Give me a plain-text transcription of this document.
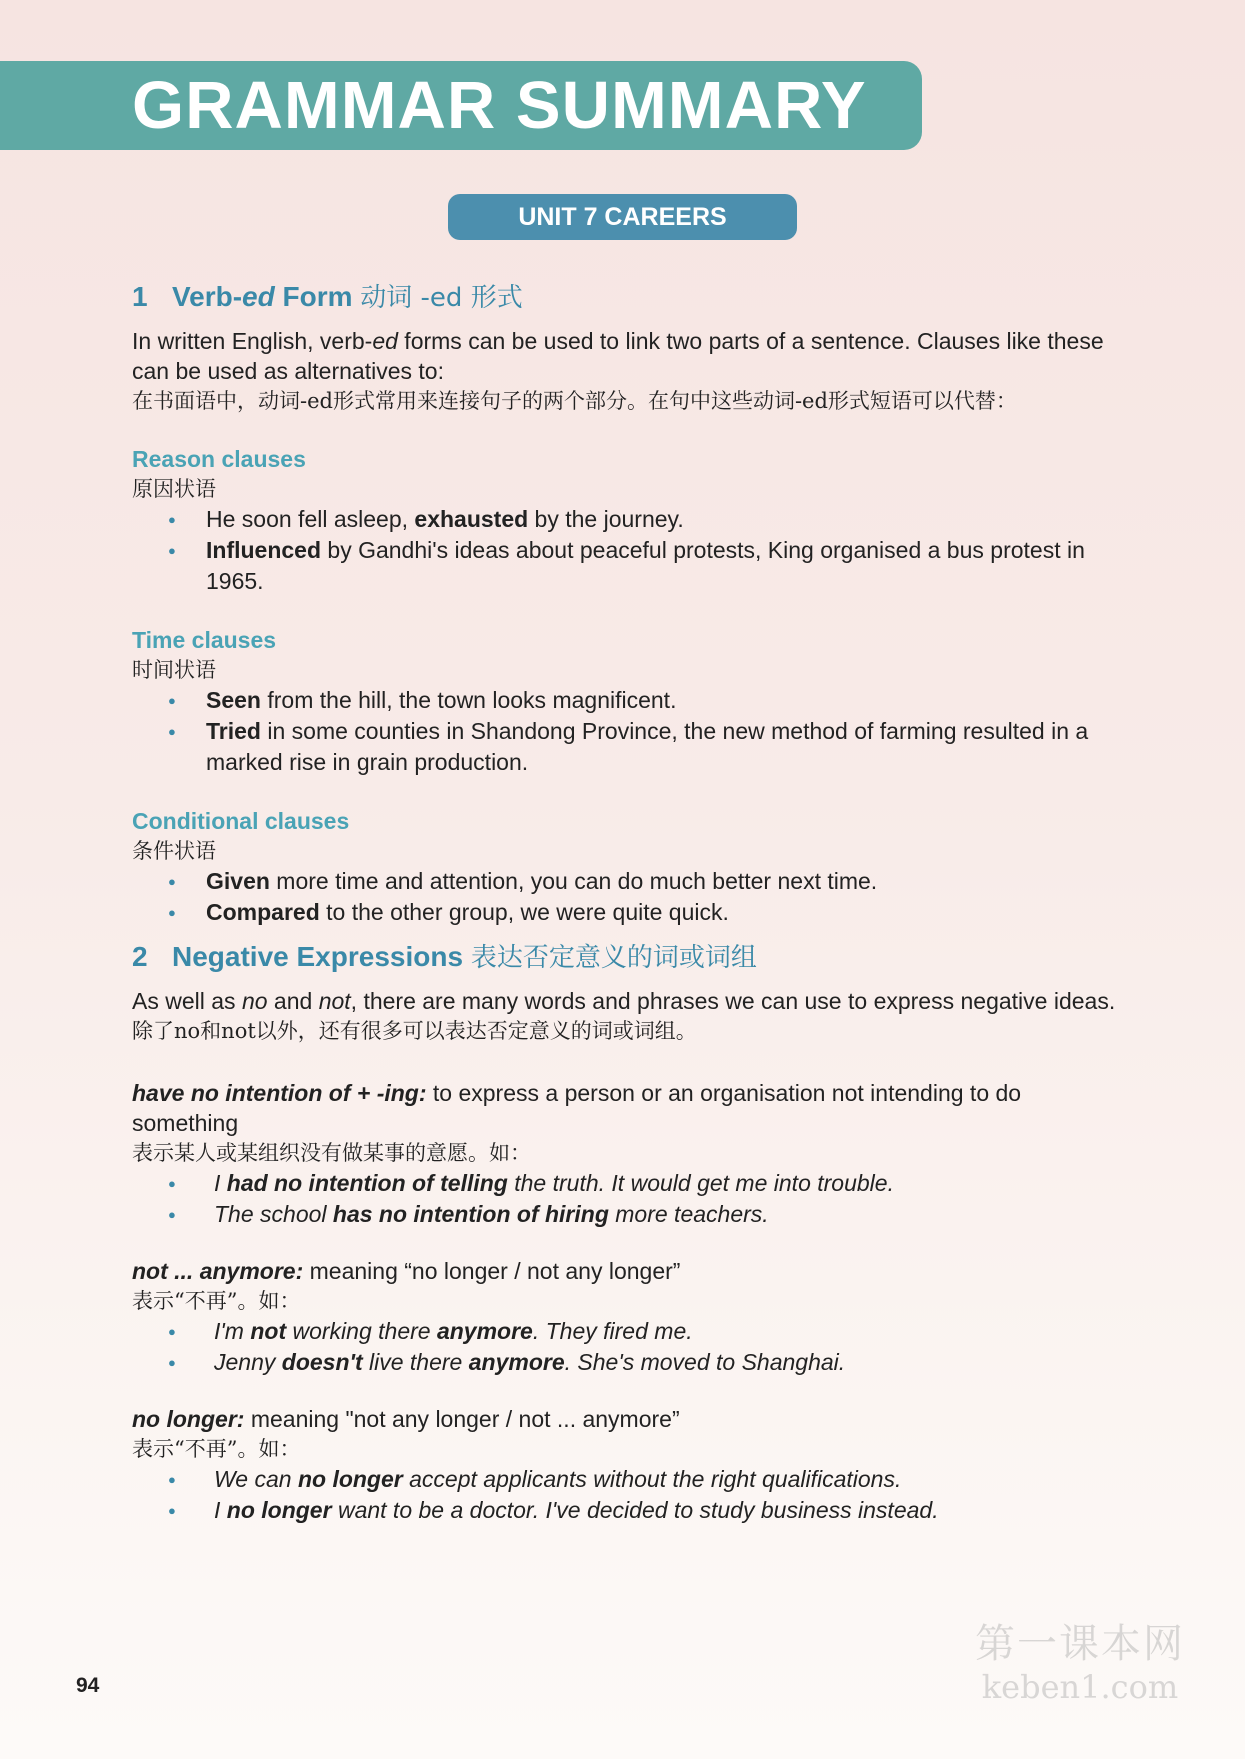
GRAMMAR SUMMARY
UNIT 7 CAREERS
1 Verb-ed Form 动词 -ed 形式

In written English, verb-ed forms can be used to link two parts of a sentence. Clauses like these can be used as alternatives to:

在书面语中，动词-ed形式常用来连接句子的两个部分。在句中这些动词-ed形式短语可以代替：
Reason clauses
原因状语
● He soon fell asleep, exhausted by the journey.
● Influenced by Gandhi's ideas about peaceful protests, King organised a bus protest in 1965.
Time clauses
时间状语
● Seen from the hill, the town looks magnificent.
● Tried in some counties in Shandong Province, the new method of farming resulted in a marked rise in grain production.
Conditional clauses
条件状语
● Given more time and attention, you can do much better next time.
● Compared to the other group, we were quite quick.
2 Negative Expressions 表达否定意义的词或词组

As well as no and not, there are many words and phrases we can use to express negative ideas.

除了no和not以外，还有很多可以表达否定意义的词或词组。

have no intention of + -ing: to express a person or an organisation not intending to do something

表示某人或某组织没有做某事的意愿。如：
● I had no intention of telling the truth. It would get me into trouble.
● The school has no intention of hiring more teachers.

not ... anymore: meaning “no longer / not any longer”

表示“不再”。如：
● I'm not working there anymore. They fired me.
● Jenny doesn't live there anymore. She's moved to Shanghai.

no longer: meaning "not any longer / not ... anymore”

表示“不再”。如：
● We can no longer accept applicants without the right qualifications.
● I no longer want to be a doctor. I've decided to study business instead.
94
第一课本网
keben1.com
